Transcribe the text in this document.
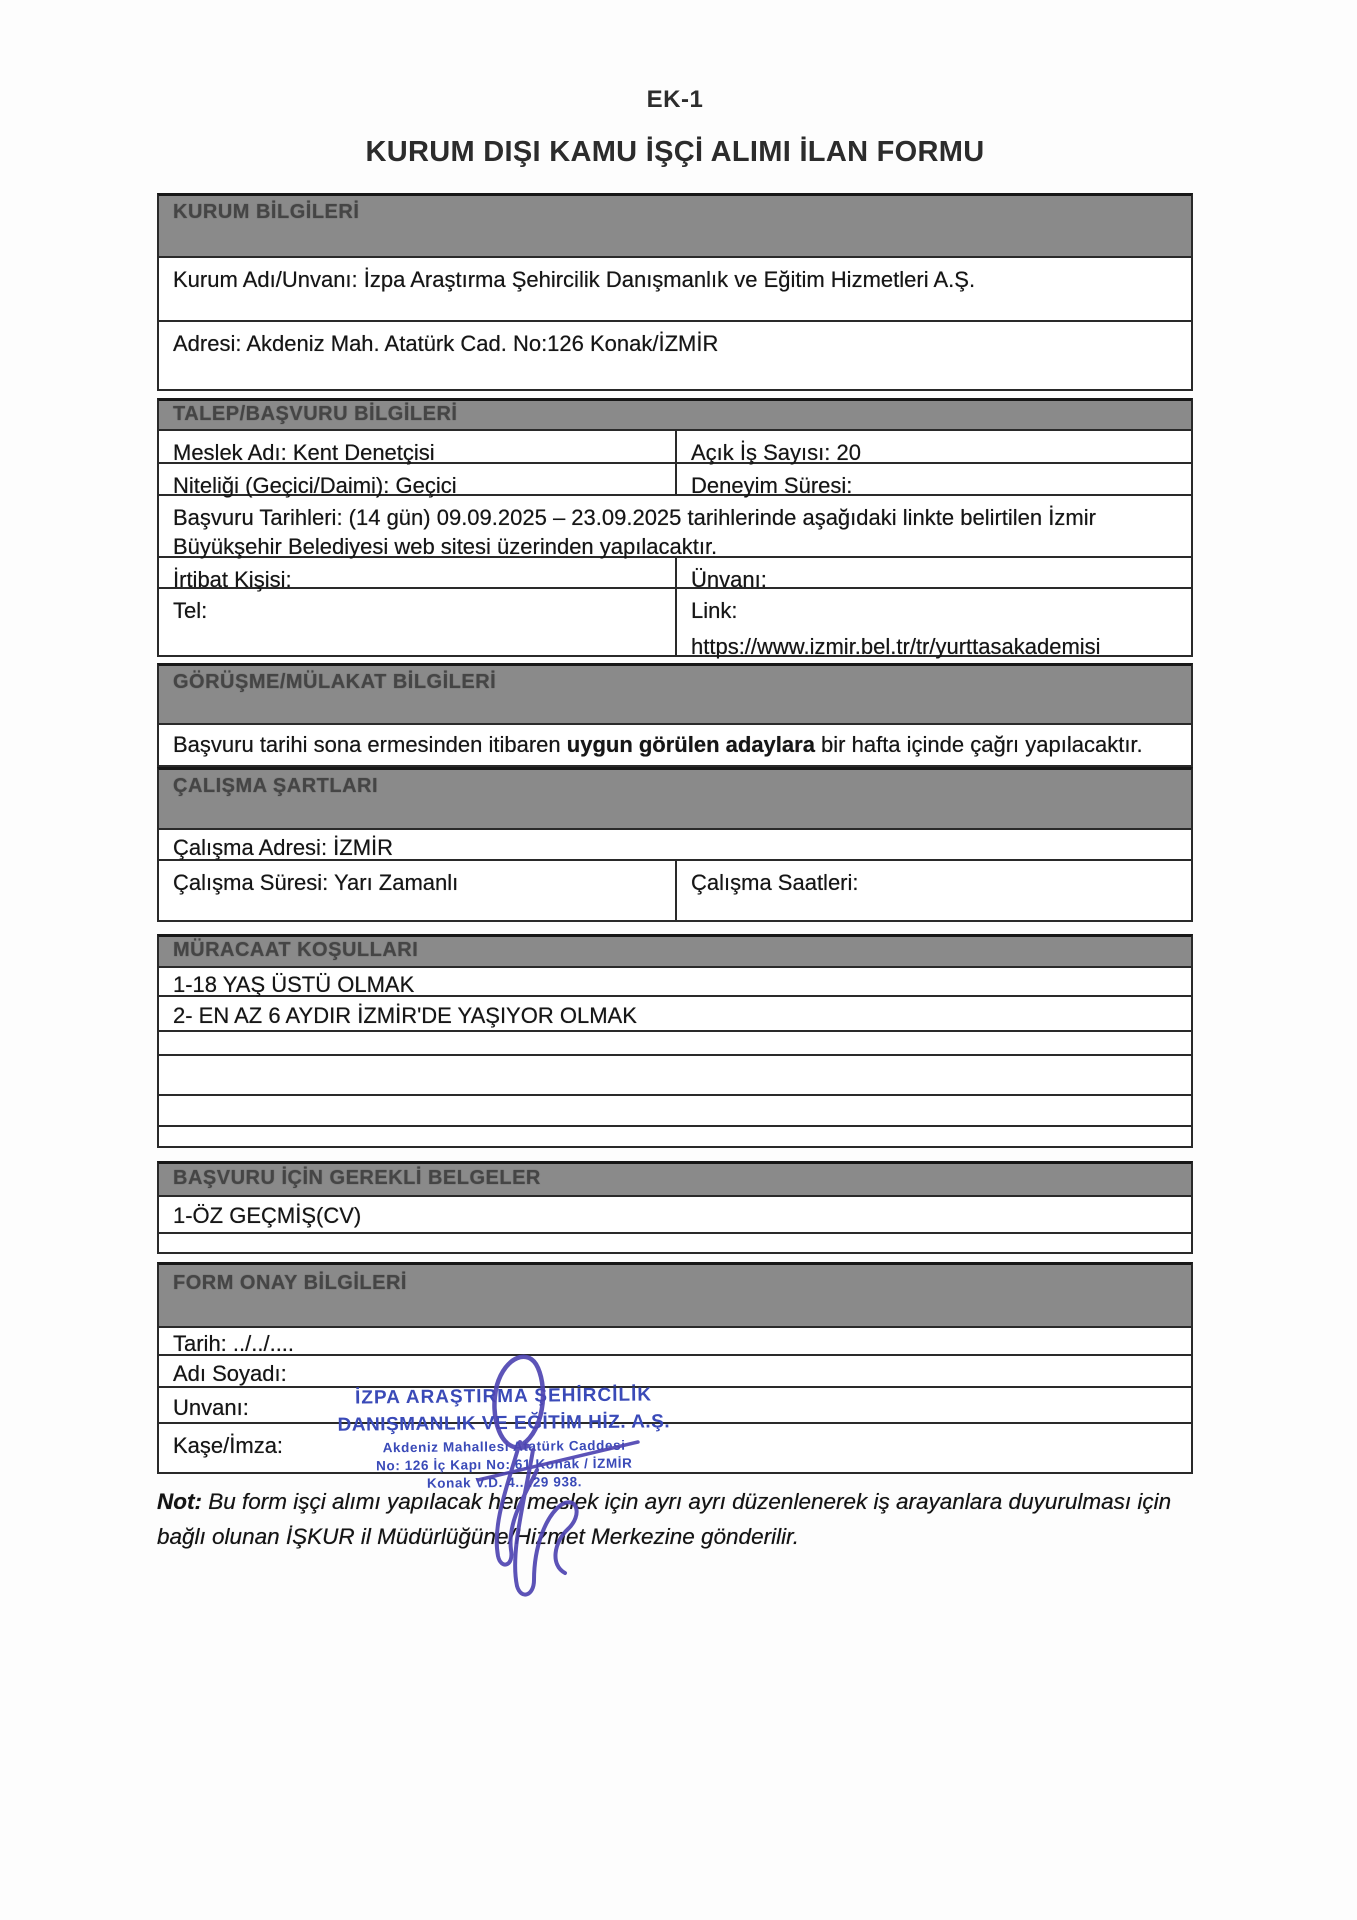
EK-1
KURUM DIŞI KAMU İŞÇİ ALIMI İLAN FORMU
KURUM BİLGİLERİ
Kurum Adı/Unvanı: İzpa Araştırma Şehircilik Danışmanlık ve Eğitim Hizmetleri A.Ş.
Adresi: Akdeniz Mah. Atatürk Cad. No:126 Konak/İZMİR
TALEP/BAŞVURU BİLGİLERİ
Meslek Adı: Kent Denetçisi	Açık İş Sayısı: 20
Niteliği (Geçici/Daimi): Geçici	Deneyim Süresi:
Başvuru Tarihleri: (14 gün) 09.09.2025 – 23.09.2025 tarihlerinde aşağıdaki linkte belirtilen İzmir Büyükşehir Belediyesi web sitesi üzerinden yapılacaktır.
İrtibat Kişisi:	Ünvanı:
Tel:	Link:
https://www.izmir.bel.tr/tr/yurttasakademisi
GÖRÜŞME/MÜLAKAT BİLGİLERİ
Başvuru tarihi sona ermesinden itibaren uygun görülen adaylara bir hafta içinde çağrı yapılacaktır.
ÇALIŞMA ŞARTLARI
Çalışma Adresi: İZMİR
Çalışma Süresi: Yarı Zamanlı	Çalışma Saatleri:
MÜRACAAT KOŞULLARI
1-18 YAŞ ÜSTÜ OLMAK
2- EN AZ 6 AYDIR İZMİR'DE YAŞIYOR OLMAK
BAŞVURU İÇİN GEREKLİ BELGELER
1-ÖZ GEÇMİŞ(CV)
FORM ONAY BİLGİLERİ
Tarih: ../../....
Adı Soyadı:
Unvanı:
Kaşe/İmza:
Not: Bu form işçi alımı yapılacak her meslek için ayrı ayrı düzenlenerek iş arayanlara duyurulması için
bağlı olunan İŞKUR il Müdürlüğüne/Hizmet Merkezine gönderilir.
İZPA ARAŞTIRMA ŞEHİRCİLİK
DANIŞMANLIK VE EĞİTİM HİZ. A.Ş.
Akdeniz Mahallesi Atatürk Caddesi
No: 126 İç Kapı No: 61 Konak / İZMİR
Konak V.D. 4.. .29 938.
